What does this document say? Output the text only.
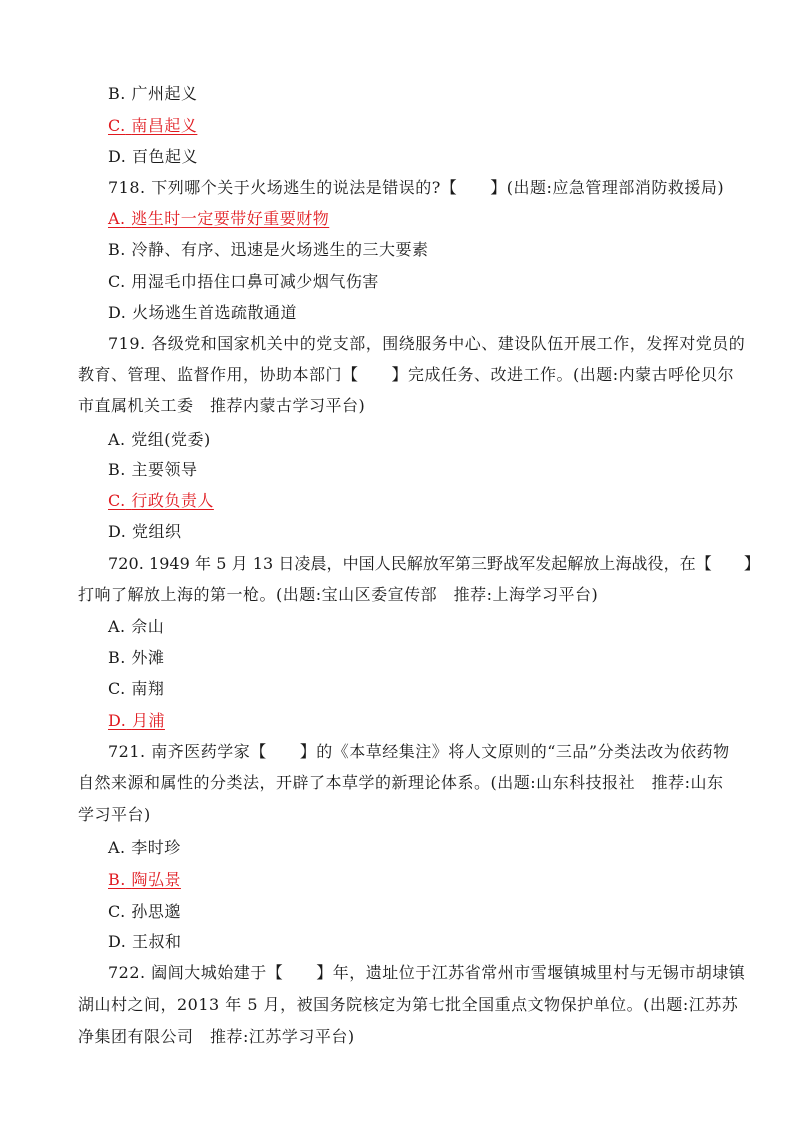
B. 广州起义
C. 南昌起义
D. 百色起义
718. 下列哪个关于火场逃生的说法是错误的?【　　】(出题:应急管理部消防救援局)
A. 逃生时一定要带好重要财物
B. 冷静、有序、迅速是火场逃生的三大要素
C. 用湿毛巾捂住口鼻可减少烟气伤害
D. 火场逃生首选疏散通道
719. 各级党和国家机关中的党支部，围绕服务中心、建设队伍开展工作，发挥对党员的
教育、管理、监督作用，协助本部门【　　】完成任务、改进工作。(出题:内蒙古呼伦贝尔
市直属机关工委　推荐内蒙古学习平台)
A. 党组(党委)
B. 主要领导
C. 行政负责人
D. 党组织
720. 1949 年 5 月 13 日凌晨，中国人民解放军第三野战军发起解放上海战役，在【　　】
打响了解放上海的第一枪。(出题:宝山区委宣传部　推荐:上海学习平台)
A. 佘山
B. 外滩
C. 南翔
D. 月浦
721. 南齐医药学家【　　】的《本草经集注》将人文原则的“三品”分类法改为依药物
自然来源和属性的分类法，开辟了本草学的新理论体系。(出题:山东科技报社　推荐:山东
学习平台)
A. 李时珍
B. 陶弘景
C. 孙思邈
D. 王叔和
722. 阖闾大城始建于【　　】年，遗址位于江苏省常州市雪堰镇城里村与无锡市胡埭镇
湖山村之间，2013 年 5 月，被国务院核定为第七批全国重点文物保护单位。(出题:江苏苏
净集团有限公司　推荐:江苏学习平台)
